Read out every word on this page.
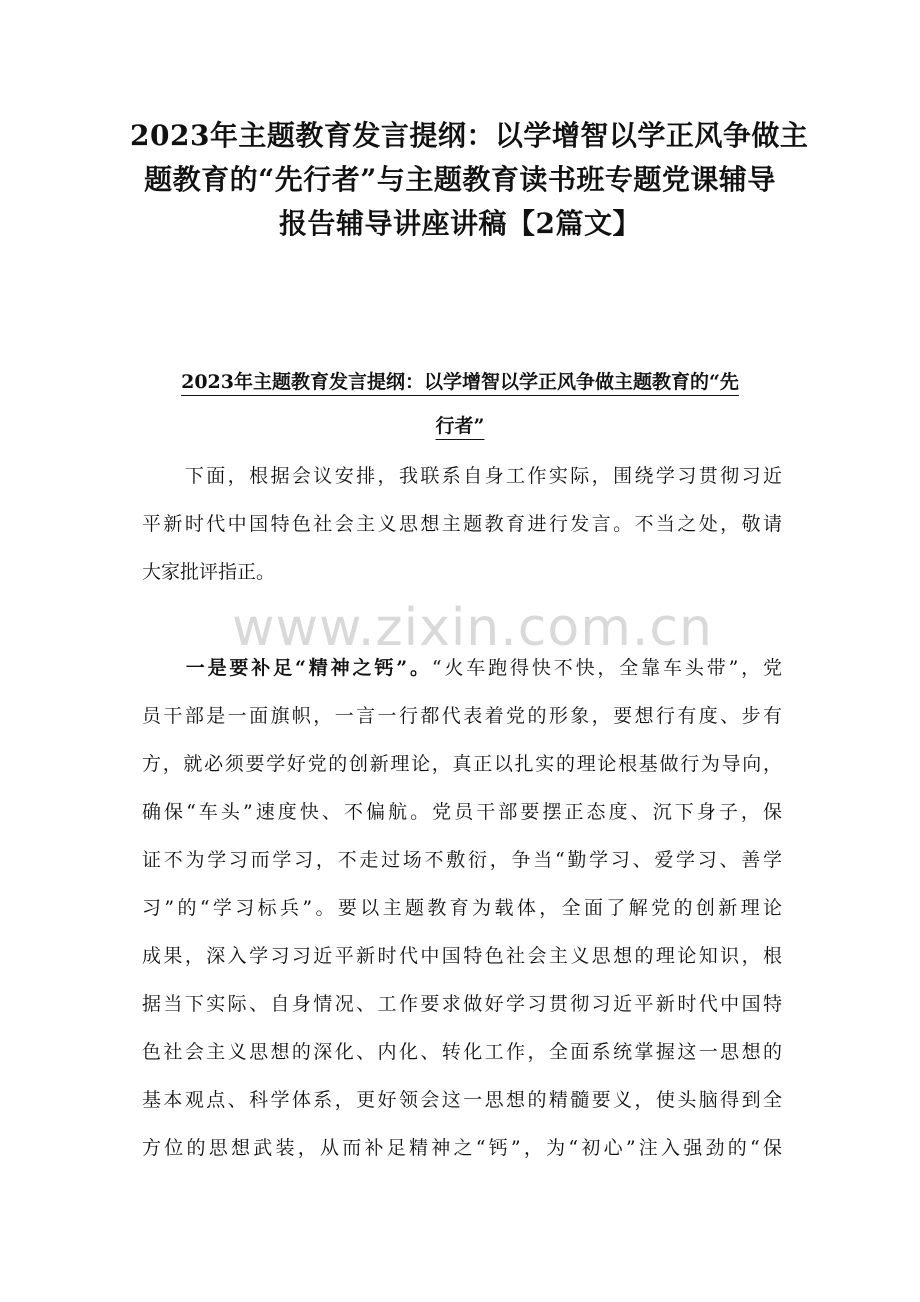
2023年主题教育发言提纲：以学增智以学正风争做主
题教育的“先行者”与主题教育读书班专题党课辅导
报告辅导讲座讲稿【2篇文】
2023年主题教育发言提纲：以学增智以学正风争做主题教育的“先
行者”

　　下面，根据会议安排，我联系自身工作实际，围绕学习贯彻习近
平新时代中国特色社会主义思想主题教育进行发言。不当之处，敬请
大家批评指正。

www.zixin.com.cn

　　一是要补足“精神之钙”。“火车跑得快不快，全靠车头带”，党
员干部是一面旗帜，一言一行都代表着党的形象，要想行有度、步有
方，就必须要学好党的创新理论，真正以扎实的理论根基做行为导向，
确保“车头”速度快、不偏航。党员干部要摆正态度、沉下身子，保
证不为学习而学习，不走过场不敷衍，争当“勤学习、爱学习、善学
习”的“学习标兵”。要以主题教育为载体，全面了解党的创新理论
成果，深入学习习近平新时代中国特色社会主义思想的理论知识，根
据当下实际、自身情况、工作要求做好学习贯彻习近平新时代中国特
色社会主义思想的深化、内化、转化工作，全面系统掌握这一思想的
基本观点、科学体系，更好领会这一思想的精髓要义，使头脑得到全
方位的思想武装，从而补足精神之“钙”，为“初心”注入强劲的“保
